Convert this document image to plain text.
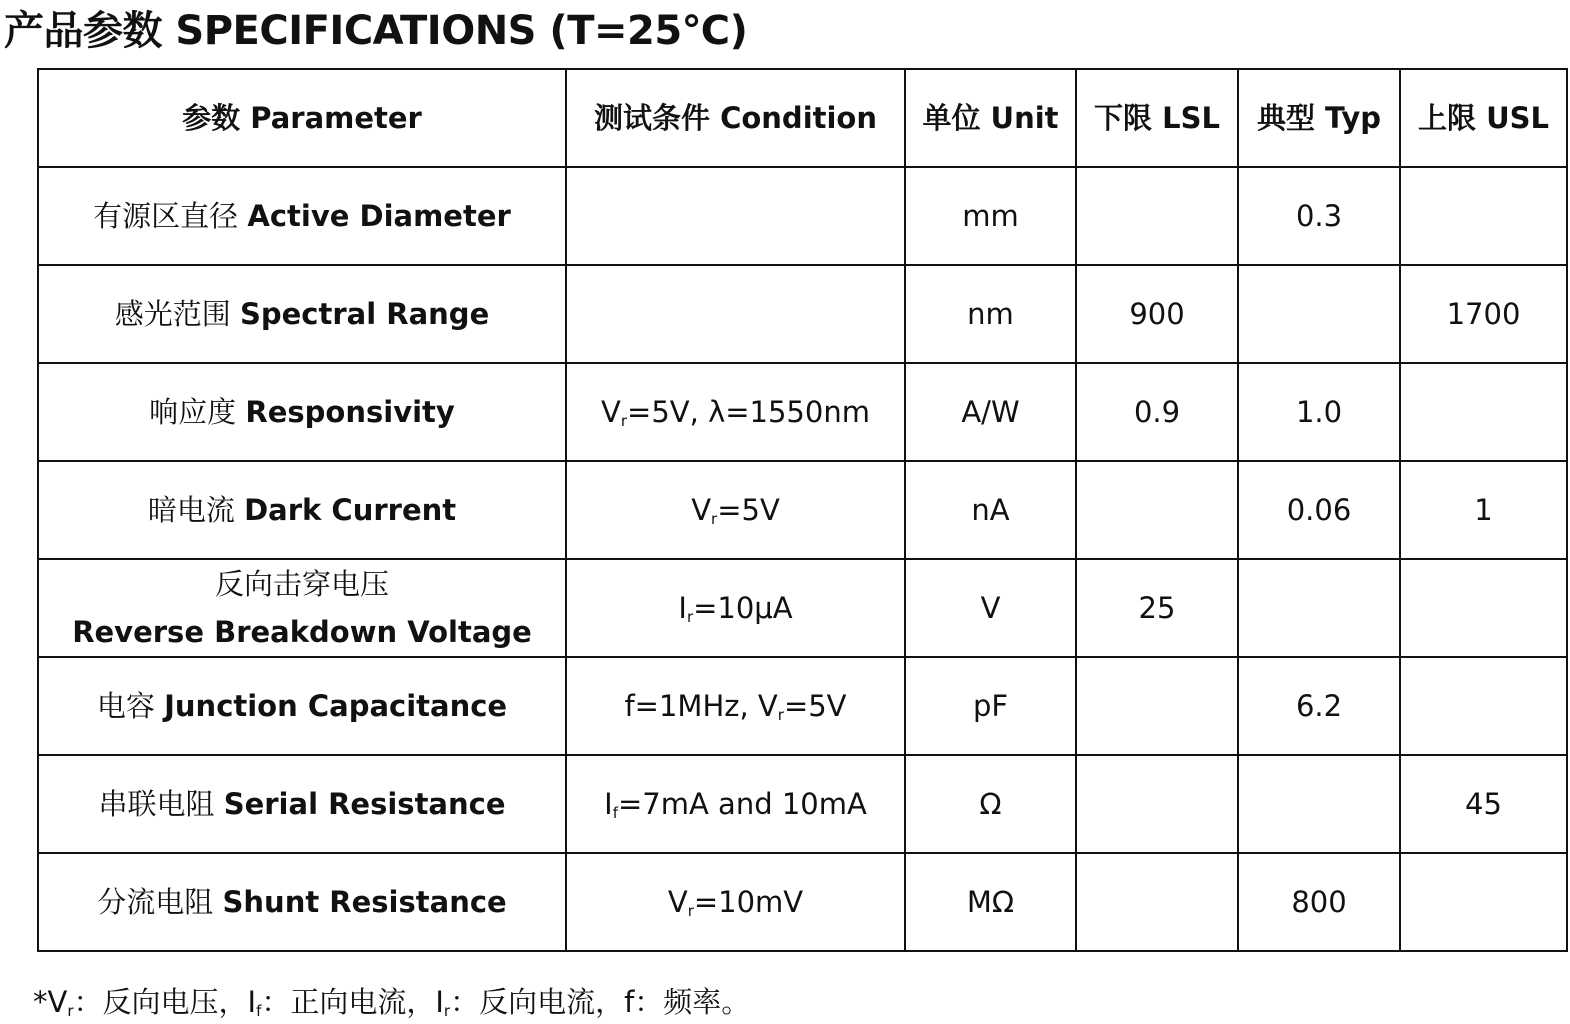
产品参数 SPECIFICATIONS (T=25℃)
参数 Parameter	测试条件 Condition	单位 Unit	下限 LSL	典型 Typ	上限 USL
有源区直径 Active Diameter		mm		0.3	
感光范围 Spectral Range		nm	900		1700
响应度 Responsivity	$V_r=5V$, λ=1550nm	A/W	0.9	1.0	
暗电流 Dark Current	$V_r=5V$	nA		0.06	1
反向击穿电压
Reverse Breakdown Voltage	$I_r=10\mu A$	V	25		
电容 Junction Capacitance	f=1MHz, $V_r=5V$	pF		6.2	
串联电阻 Serial Resistance	$I_f=7mA$ and 10mA	Ω			45
分流电阻 Shunt Resistance	$V_r=10mV$	MΩ		800	
$*V_r$：反向电压，$I_f$：正向电流，$I_r$：反向电流，f：频率。
